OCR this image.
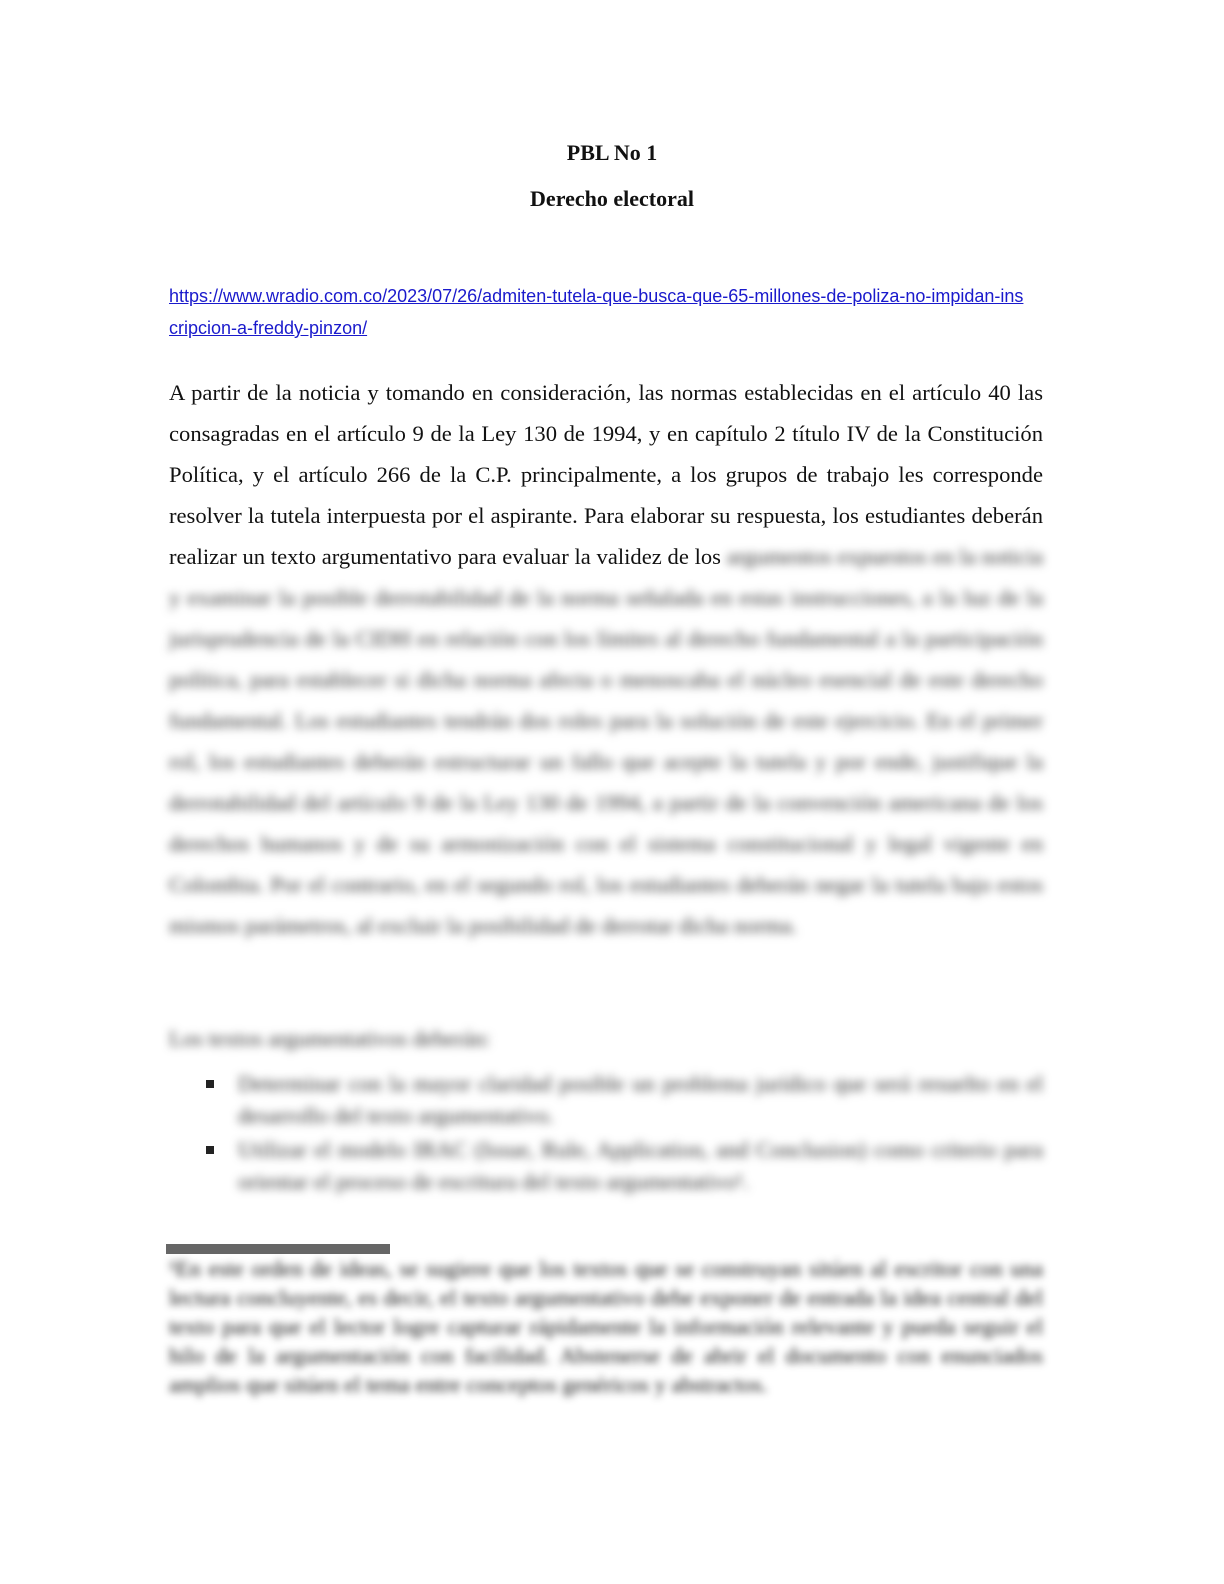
PBL No 1
Derecho electoral
https://www.wradio.com.co/2023/07/26/admiten-tutela-que-busca-que-65-millones-de-poliza-no-impidan-inscripcion-a-freddy-pinzon/
A partir de la noticia y tomando en consideración, las normas establecidas en el artículo 40 las consagradas en el artículo 9 de la Ley 130 de 1994, y en capítulo 2 título IV de la Constitución Política, y el artículo 266 de la C.P. principalmente, a los grupos de trabajo les corresponde resolver la tutela interpuesta por el aspirante. Para elaborar su respuesta, los estudiantes deberán realizar un texto argumentativo para evaluar la validez de los argumentos expuestos en la noticia y examinar la posible derrotabilidad de la norma señalada en estas instrucciones, a la luz de la jurisprudencia de la CIDH en relación con los límites al derecho fundamental a la participación política, para establecer si dicha norma afecta o menoscaba el núcleo esencial de este derecho fundamental. Los estudiantes tendrán dos roles para la solución de este ejercicio. En el primer rol, los estudiantes deberán estructurar un fallo que acepte la tutela y por ende, justifique la derrotabilidad del artículo 9 de la Ley 130 de 1994, a partir de la convención americana de los derechos humanos y de su armonización con el sistema constitucional y legal vigente en Colombia. Por el contrario, en el segundo rol, los estudiantes deberán negar la tutela bajo estos mismos parámetros, al excluir la posibilidad de derrotar dicha norma.
Los textos argumentativos deberán:
Determinar con la mayor claridad posible un problema jurídico que será resuelto en el desarrollo del texto argumentativo.
Utilizar el modelo IRAC (Issue, Rule, Application, and Conclusion) como criterio para orientar el proceso de escritura del texto argumentativo¹.
¹En este orden de ideas, se sugiere que los textos que se construyan sitúen al escritor con una lectura concluyente, es decir, el texto argumentativo debe exponer de entrada la idea central del texto para que el lector logre capturar rápidamente la información relevante y pueda seguir el hilo de la argumentación con facilidad. Abstenerse de abrir el documento con enunciados amplios que sitúen el tema entre conceptos genéricos y abstractos.
